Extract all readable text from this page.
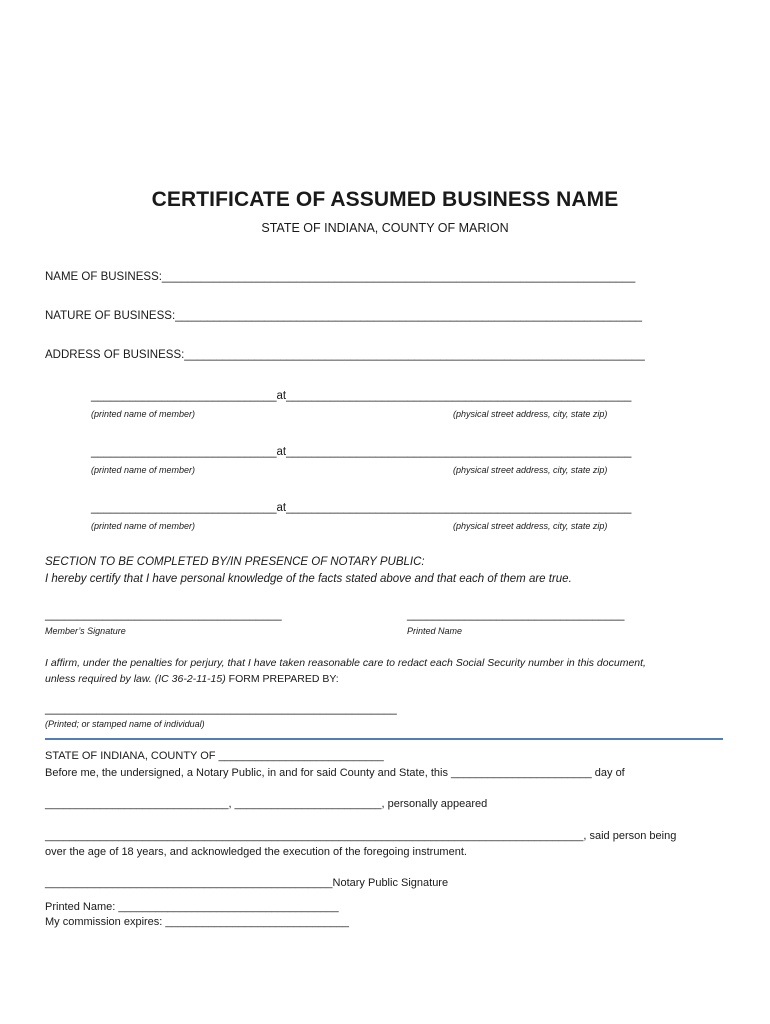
CERTIFICATE OF ASSUMED BUSINESS NAME
STATE OF INDIANA, COUNTY OF MARION
NAME OF BUSINESS:__________________________________________________________________________
NATURE OF BUSINESS:_________________________________________________________________________
ADDRESS OF BUSINESS:________________________________________________________________________
_____________________________at______________________________________________________
(printed name of member)	(physical street address, city, state zip)
_____________________________at______________________________________________________
(printed name of member)	(physical street address, city, state zip)
_____________________________at______________________________________________________
(printed name of member)	(physical street address, city, state zip)
SECTION TO BE COMPLETED BY/IN PRESENCE OF NOTARY PUBLIC:
I hereby certify that I have personal knowledge of the facts stated above and that each of them are true.
_____________________________________
Member’s Signature
__________________________________
Printed Name
I affirm, under the penalties for perjury, that I have taken reasonable care to redact each Social Security number in this document,
unless required by law. (IC 36-2-11-15) FORM PREPARED BY:
_______________________________________________________
(Printed; or stamped name of individual)
STATE OF INDIANA, COUNTY OF ___________________________
Before me, the undersigned, a Notary Public, in and for said County and State, this _______________________ day of
______________________________, ________________________, personally appeared
________________________________________________________________________________________, said person being
over the age of 18 years, and acknowledged the execution of the foregoing instrument.
_______________________________________________Notary Public Signature
Printed Name: ____________________________________
My commission expires: ______________________________
